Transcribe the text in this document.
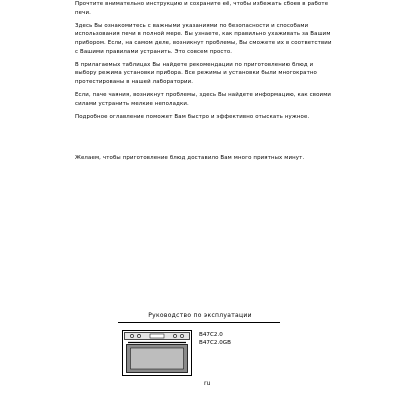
Прочтите внимательно инструкцию и сохраните её, чтобы избежать сбоев в работе печи.

Здесь Вы ознакомитесь с важными указаниями по безопасности и способами использования печи в полной мере. Вы узнаете, как правильно ухаживать за Вашим прибором. Если, на самом деле, возникнут проблемы, Вы сможете их в соответствии с Вашими правилами устранить. Это совсем просто.

В прилагаемых таблицах Вы найдете рекомендации по приготовлению блюд и выбору режима установки прибора. Все режимы и установки были многократно протестированы в нашей лаборатории.

Если, паче чаяния, возникнут проблемы, здесь Вы найдете информацию, как своими силами устранить мелкие неполадки.

Подробное оглавление поможет Вам быстро и эффективно отыскать нужное.

Желаем, чтобы приготовление блюд доставило Вам много приятных минут.

Руководство по эксплуатации
B47C2.0
B47C2.0GB
ru
